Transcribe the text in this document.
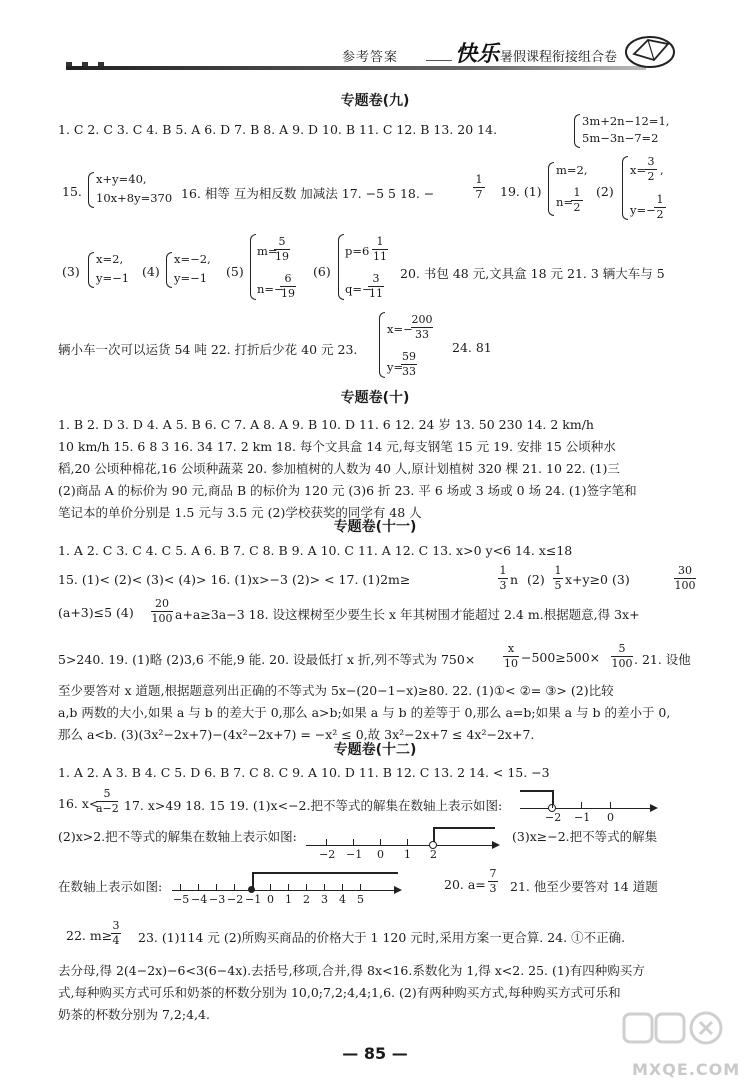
参考答案	快乐 暑假课程衔接组合卷
专题卷(九)
1. C 2. C 3. C 4. B 5. A 6. D 7. B 8. A 9. D 10. B 11. C 12. B 13. 20 14.
3m+2n−12=1,
5m−3n−7=2
15.
x+y=40,
10x+8y=370 16. 相等 互为相反数 加减法 17. −5 5 18. −
1
7 19. (1)
m=2,
n=
1
2
(2)
x=
3
2 ,
y=−
1
2
(3)
x=2,
y=−1 (4)
x=−2,
y=−1 (5)
m=
5
19
n=−
6
19
(6)
p=6
1
11
q=−
3
11
20. 书包 48 元,文具盒 18 元 21. 3 辆大车与 5
辆小车一次可以运货 54 吨 22. 打折后少花 40 元 23.
x=−
200
33
y=
59
33
24. 81
专题卷(十)
1. B 2. D 3. D 4. A 5. B 6. C 7. A 8. A 9. B 10. D 11. 6 12. 24 岁 13. 50 230 14. 2 km/h
10 km/h 15. 6 8 3 16. 34 17. 2 km 18. 每个文具盒 14 元,每支钢笔 15 元 19. 安排 15 公顷种水
稻,20 公顷种棉花,16 公顷种蔬菜 20. 参加植树的人数为 40 人,原计划植树 320 棵 21. 10 22. (1)三
(2)商品 A 的标价为 90 元,商品 B 的标价为 120 元 (3)6 折 23. 平 6 场或 3 场或 0 场 24. (1)签字笔和
笔记本的单价分别是 1.5 元与 3.5 元 (2)学校获奖的同学有 48 人
专题卷(十一)
1. A 2. C 3. C 4. C 5. A 6. B 7. C 8. B 9. A 10. C 11. A 12. C 13. x>0 y<6 14. x≤18
15. (1)< (2)< (3)< (4)> 16. (1)x>−3 (2)> < 17. (1)2m≥
1
3 n (2)
1
5 x+y≥0 (3)
30
100
(a+3)≤5 (4)
20
100 a+a≥3a−3 18. 设这棵树至少要生长 x 年其树围才能超过 2.4 m.根据题意,得 3x+
5>240. 19. (1)略 (2)3,6 不能,9 能. 20. 设最低打 x 折,列不等式为 750×
x
10 −500≥500×
5
100 . 21. 设他
至少要答对 x 道题,根据题意列出正确的不等式为 5x−(20−1−x)≥80. 22. (1)①< ②= ③> (2)比较
a,b 两数的大小,如果 a 与 b 的差大于 0,那么 a>b;如果 a 与 b 的差等于 0,那么 a=b;如果 a 与 b 的差小于 0,
那么 a<b. (3)(3x²−2x+7)−(4x²−2x+7) = −x² ≤ 0,故 3x²−2x+7 ≤ 4x²−2x+7.
专题卷(十二)
1. A 2. A 3. B 4. C 5. D 6. B 7. C 8. C 9. A 10. D 11. B 12. C 13. 2 14. < 15. −3
16. x<
5
a−2 17. x>49 18. 15 19. (1)x<−2.把不等式的解集在数轴上表示如图:
−2 −1 0
(2)x>2.把不等式的解集在数轴上表示如图:
−2 −1 0 1 2
(3)x≥−2.把不等式的解集
在数轴上表示如图:
−5 −4 −3 −2 −1 0 1 2 3 4 5
20. a=
7
3 21. 他至少要答对 14 道题
22. m≥
3
4 23. (1)114 元 (2)所购买商品的价格大于 1 120 元时,采用方案一更合算. 24. ①不正确.
去分母,得 2(4−2x)−6<3(6−4x).去括号,移项,合并,得 8x<16.系数化为 1,得 x<2. 25. (1)有四种购买方
式,每种购买方式可乐和奶茶的杯数分别为 10,0;7,2;4,4;1,6. (2)有两种购买方式,每种购买方式可乐和
奶茶的杯数分别为 7,2;4,4.
— 85 —
MXQE.COM
